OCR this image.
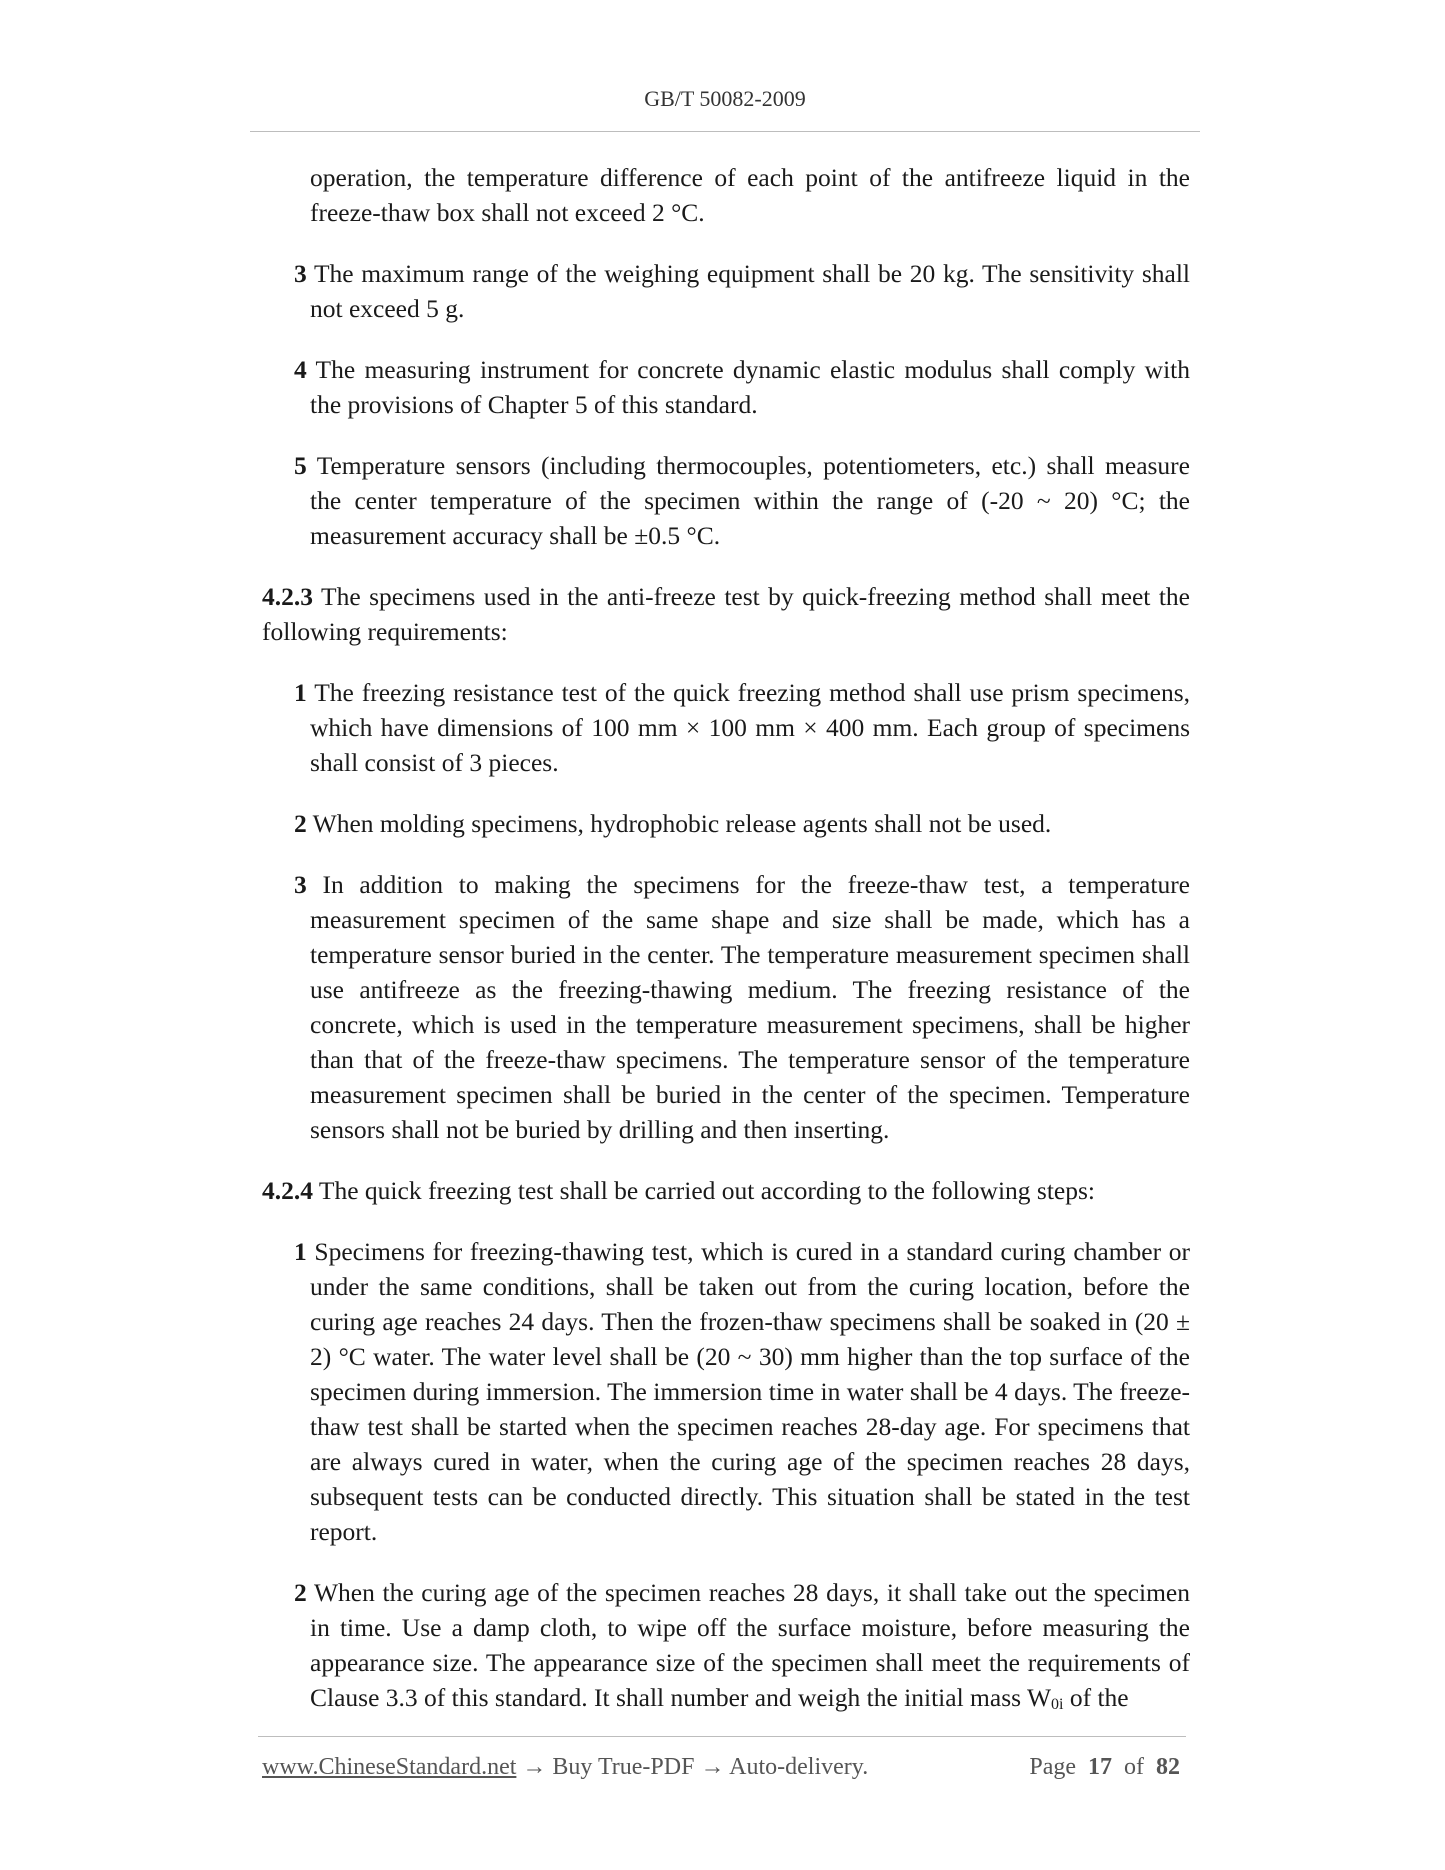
GB/T 50082-2009

operation, the temperature difference of each point of the antifreeze liquid in the freeze-thaw box shall not exceed 2 °C.

3 The maximum range of the weighing equipment shall be 20 kg. The sensitivity shall not exceed 5 g.

4 The measuring instrument for concrete dynamic elastic modulus shall comply with the provisions of Chapter 5 of this standard.

5 Temperature sensors (including thermocouples, potentiometers, etc.) shall measure the center temperature of the specimen within the range of (-20 ~ 20) °C; the measurement accuracy shall be ±0.5 °C.

4.2.3 The specimens used in the anti-freeze test by quick-freezing method shall meet the following requirements:

1 The freezing resistance test of the quick freezing method shall use prism specimens, which have dimensions of 100 mm × 100 mm × 400 mm. Each group of specimens shall consist of 3 pieces.

2 When molding specimens, hydrophobic release agents shall not be used.

3 In addition to making the specimens for the freeze-thaw test, a temperature measurement specimen of the same shape and size shall be made, which has a temperature sensor buried in the center. The temperature measurement specimen shall use antifreeze as the freezing-thawing medium. The freezing resistance of the concrete, which is used in the temperature measurement specimens, shall be higher than that of the freeze-thaw specimens. The temperature sensor of the temperature measurement specimen shall be buried in the center of the specimen. Temperature sensors shall not be buried by drilling and then inserting.

4.2.4 The quick freezing test shall be carried out according to the following steps:

1 Specimens for freezing-thawing test, which is cured in a standard curing chamber or under the same conditions, shall be taken out from the curing location, before the curing age reaches 24 days. Then the frozen-thaw specimens shall be soaked in (20 ± 2) °C water. The water level shall be (20 ~ 30) mm higher than the top surface of the specimen during immersion. The immersion time in water shall be 4 days. The freeze-thaw test shall be started when the specimen reaches 28-day age. For specimens that are always cured in water, when the curing age of the specimen reaches 28 days, subsequent tests can be conducted directly. This situation shall be stated in the test report.

2 When the curing age of the specimen reaches 28 days, it shall take out the specimen in time. Use a damp cloth, to wipe off the surface moisture, before measuring the appearance size. The appearance size of the specimen shall meet the requirements of Clause 3.3 of this standard. It shall number and weigh the initial mass $W_{0i}$ of the

www.ChineseStandard.net → Buy True-PDF → Auto-delivery.	Page 17 of 82
